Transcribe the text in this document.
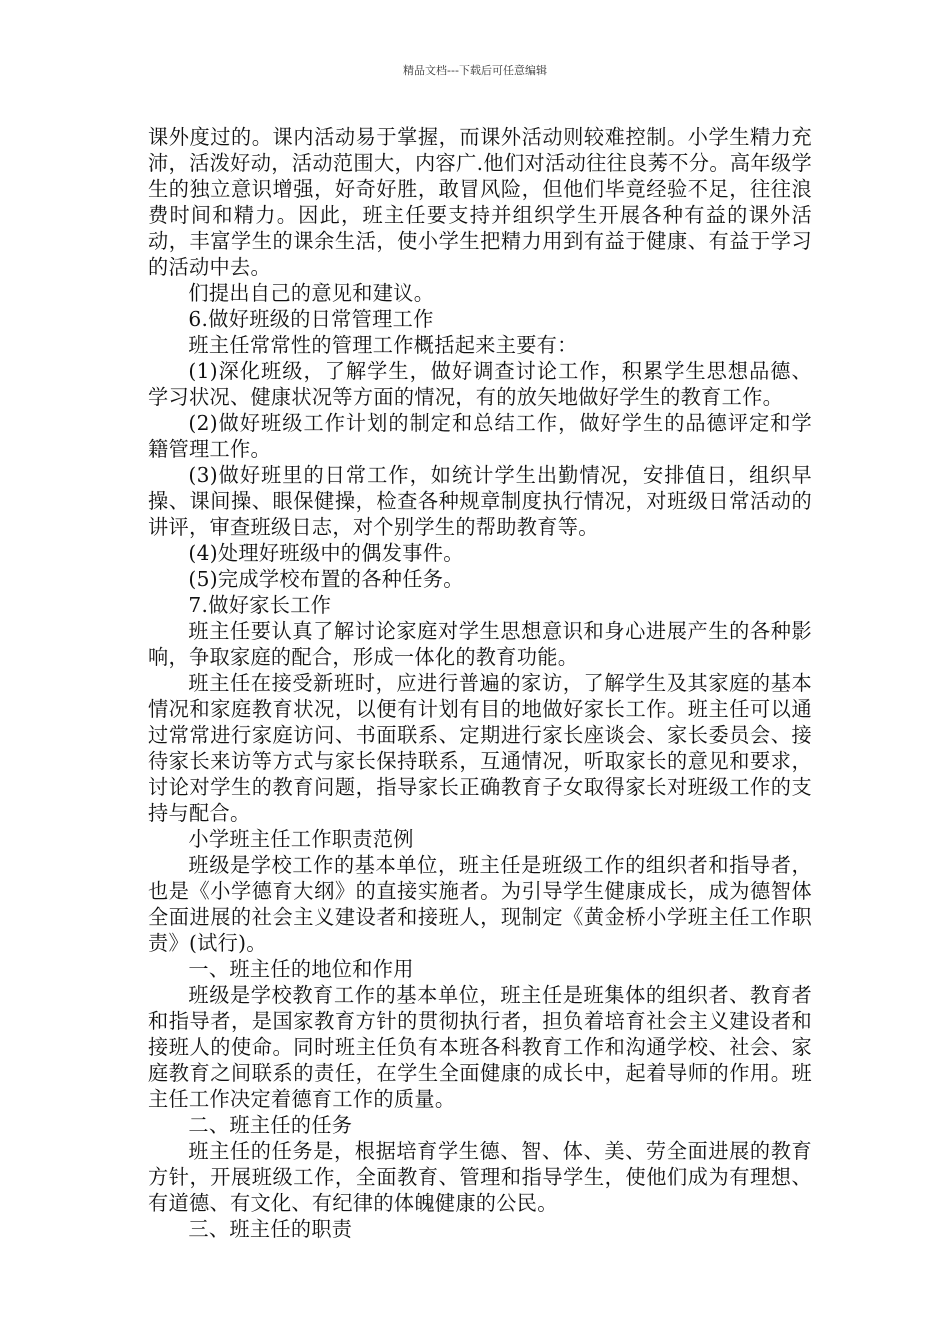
精品文档---下载后可任意编辑

课外度过的。课内活动易于掌握，而课外活动则较难控制。小学生精力充沛，活泼好动，活动范围大，内容广.他们对活动往往良莠不分。高年级学生的独立意识增强，好奇好胜，敢冒风险，但他们毕竟经验不足，往往浪费时间和精力。因此，班主任要支持并组织学生开展各种有益的课外活动，丰富学生的课余生活，使小学生把精力用到有益于健康、有益于学习的活动中去。

们提出自己的意见和建议。

6.做好班级的日常管理工作

班主任常常性的管理工作概括起来主要有：

(1)深化班级，了解学生，做好调查讨论工作，积累学生思想品德、学习状况、健康状况等方面的情况，有的放矢地做好学生的教育工作。

(2)做好班级工作计划的制定和总结工作，做好学生的品德评定和学籍管理工作。

(3)做好班里的日常工作，如统计学生出勤情况，安排值日，组织早操、课间操、眼保健操，检查各种规章制度执行情况，对班级日常活动的讲评，审查班级日志，对个别学生的帮助教育等。

(4)处理好班级中的偶发事件。

(5)完成学校布置的各种任务。

7.做好家长工作

班主任要认真了解讨论家庭对学生思想意识和身心进展产生的各种影响，争取家庭的配合，形成一体化的教育功能。

班主任在接受新班时，应进行普遍的家访，了解学生及其家庭的基本情况和家庭教育状况，以便有计划有目的地做好家长工作。班主任可以通过常常进行家庭访问、书面联系、定期进行家长座谈会、家长委员会、接待家长来访等方式与家长保持联系，互通情况，听取家长的意见和要求，讨论对学生的教育问题，指导家长正确教育子女取得家长对班级工作的支持与配合。

小学班主任工作职责范例

班级是学校工作的基本单位，班主任是班级工作的组织者和指导者，也是《小学德育大纲》的直接实施者。为引导学生健康成长，成为德智体全面进展的社会主义建设者和接班人，现制定《黄金桥小学班主任工作职责》(试行)。

一、班主任的地位和作用

班级是学校教育工作的基本单位，班主任是班集体的组织者、教育者和指导者，是国家教育方针的贯彻执行者，担负着培育社会主义建设者和接班人的使命。同时班主任负有本班各科教育工作和沟通学校、社会、家庭教育之间联系的责任，在学生全面健康的成长中，起着导师的作用。班主任工作决定着德育工作的质量。

二、班主任的任务

班主任的任务是，根据培育学生德、智、体、美、劳全面进展的教育方针，开展班级工作，全面教育、管理和指导学生，使他们成为有理想、有道德、有文化、有纪律的体魄健康的公民。

三、班主任的职责
